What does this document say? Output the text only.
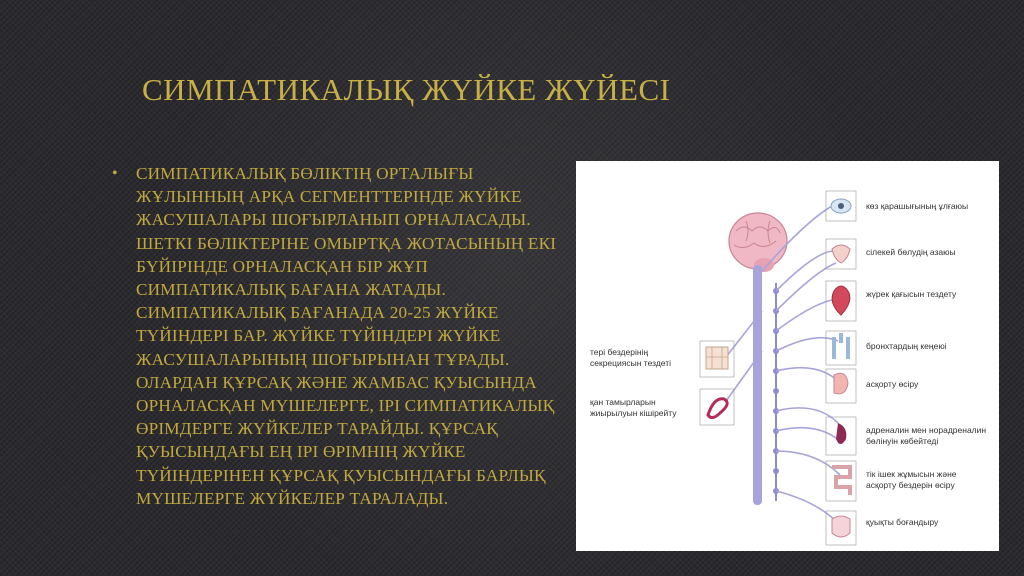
СИМПАТИКАЛЫҚ ЖҮЙКЕ ЖҮЙЕСІ
• СИМПАТИКАЛЫҚ БӨЛІКТІҢ ОРТАЛЫҒЫ ЖҰЛЫННЫҢ АРҚА СЕГМЕНТТЕРІНДЕ ЖҮЙКЕ ЖАСУШАЛАРЫ ШОҒЫРЛАНЫП ОРНАЛАСАДЫ. ШЕТКІ БӨЛІКТЕРІНЕ ОМЫРТҚА ЖОТАСЫНЫҢ ЕКІ БҮЙІРІНДЕ ОРНАЛАСҚАН БІР ЖҰП СИМПАТИКАЛЫҚ БАҒАНА ЖАТАДЫ. СИМПАТИКАЛЫҚ БАҒАНАДА 20-25 ЖҮЙКЕ ТҮЙІНДЕРІ БАР. ЖҮЙКЕ ТҮЙІНДЕРІ ЖҮЙКЕ ЖАСУШАЛАРЫНЫҢ ШОҒЫРЫНАН ТҰРАДЫ. ОЛАРДАН ҚҰРСАҚ ЖӘНЕ ЖАМБАС ҚУЫСЫНДА ОРНАЛАСҚАН МҮШЕЛЕРГЕ, ІРІ СИМПАТИКАЛЫҚ ӨРІМДЕРГЕ ЖҮЙКЕЛЕР ТАРАЙДЫ. ҚҰРСАҚ ҚУЫСЫНДАҒЫ ЕҢ ІРІ ӨРІМНІҢ ЖҮЙКЕ ТҮЙІНДЕРІНЕН ҚҰРСАҚ ҚУЫСЫНДАҒЫ БАРЛЫҚ МҮШЕЛЕРГЕ ЖҮЙКЕЛЕР ТАРАЛАДЫ.

тері бездерінің
секрециясын тездеті
қан тамырларын
жиырылуын кішірейту
көз қарашығының ұлғаюы
сілекей бөлудің азаюы
жүрек қағысын тездету
бронхтардың кеңеюі
асқорту өсіру
адреналин мен норадреналин
бөлінуін көбейтеді
тік ішек жұмысын және
асқорту бездерін өсіру
қуықты боғандыру
